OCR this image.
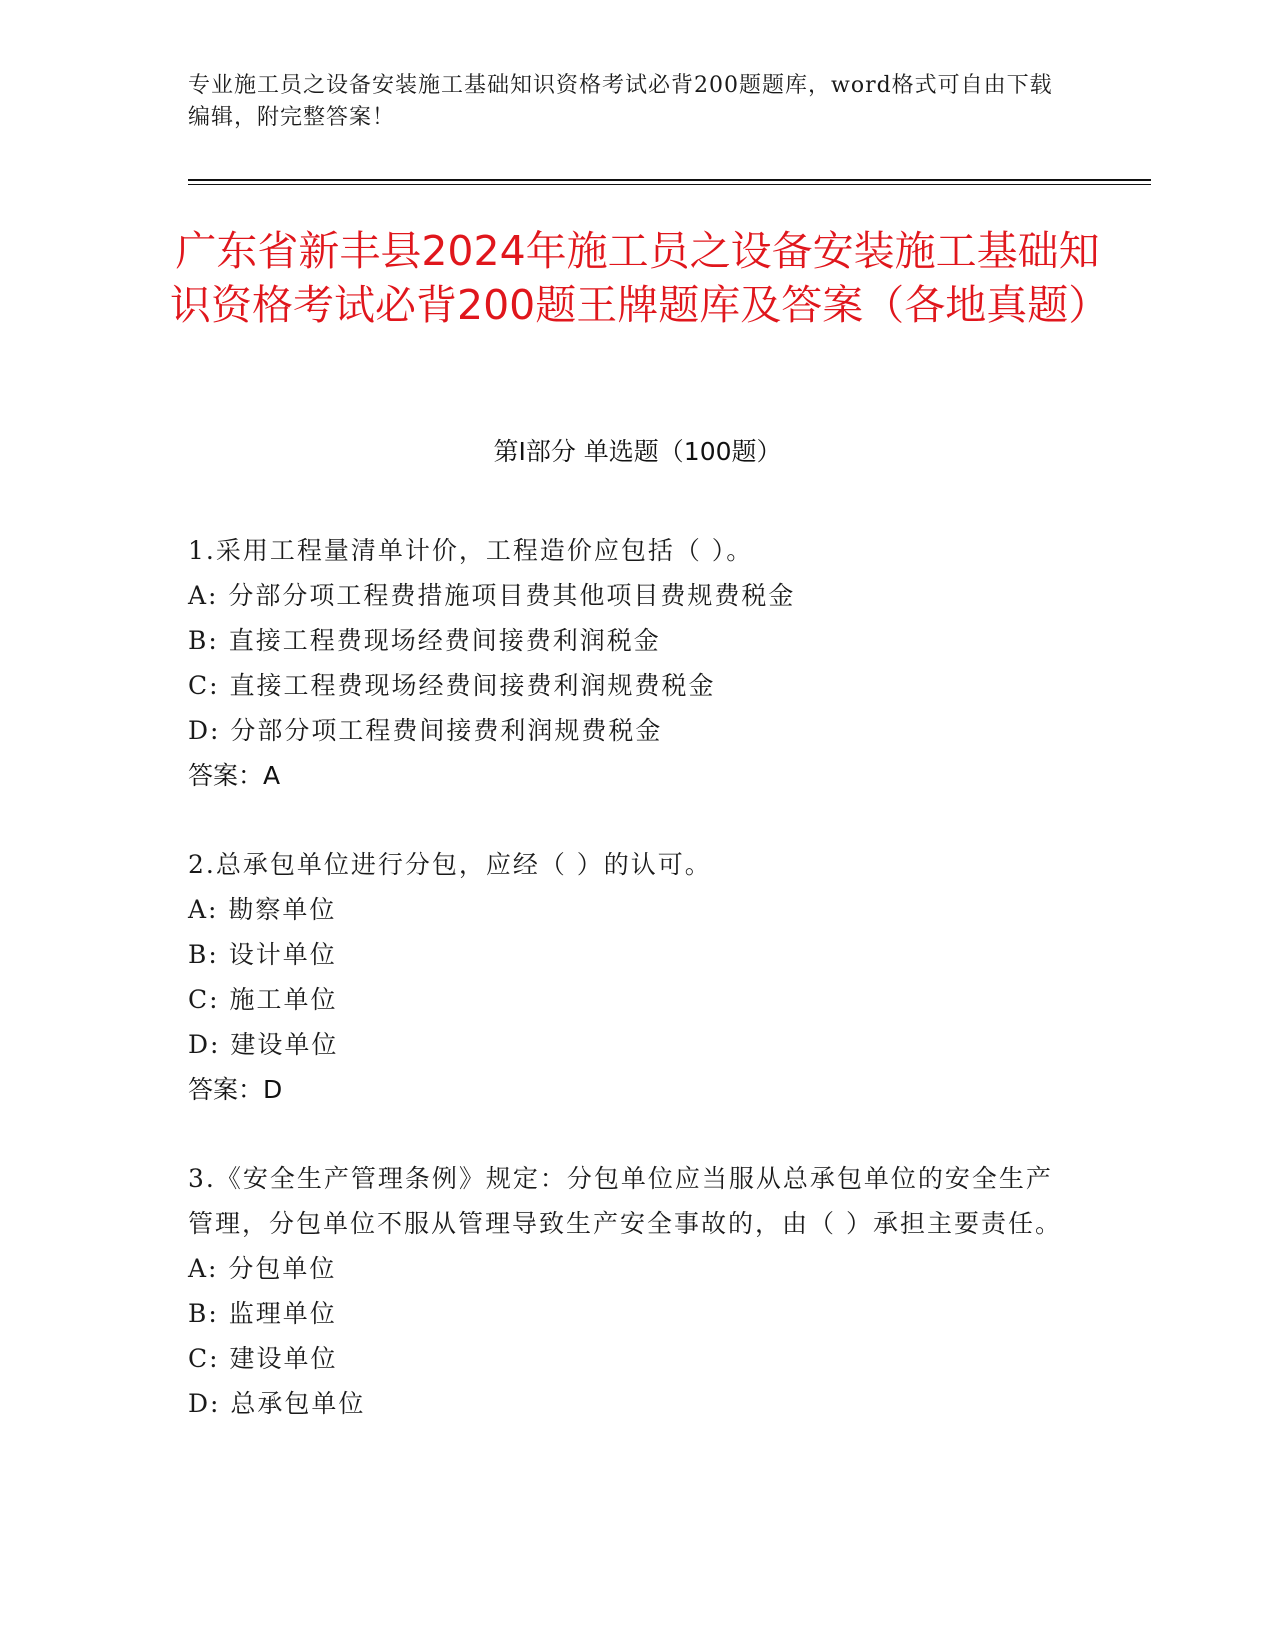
专业施工员之设备安装施工基础知识资格考试必背200题题库，word格式可自由下载编辑，附完整答案！
广东省新丰县2024年施工员之设备安装施工基础知识资格考试必背200题王牌题库及答案（各地真题）
第Ⅰ部分 单选题（100题）
1.采用工程量清单计价，工程造价应包括（ ）。
A: 分部分项工程费措施项目费其他项目费规费税金
B: 直接工程费现场经费间接费利润税金
C: 直接工程费现场经费间接费利润规费税金
D: 分部分项工程费间接费利润规费税金
答案：A
2.总承包单位进行分包，应经（ ）的认可。
A: 勘察单位
B: 设计单位
C: 施工单位
D: 建设单位
答案：D
3.《安全生产管理条例》规定：分包单位应当服从总承包单位的安全生产管理，分包单位不服从管理导致生产安全事故的，由（ ）承担主要责任。
A: 分包单位
B: 监理单位
C: 建设单位
D: 总承包单位
